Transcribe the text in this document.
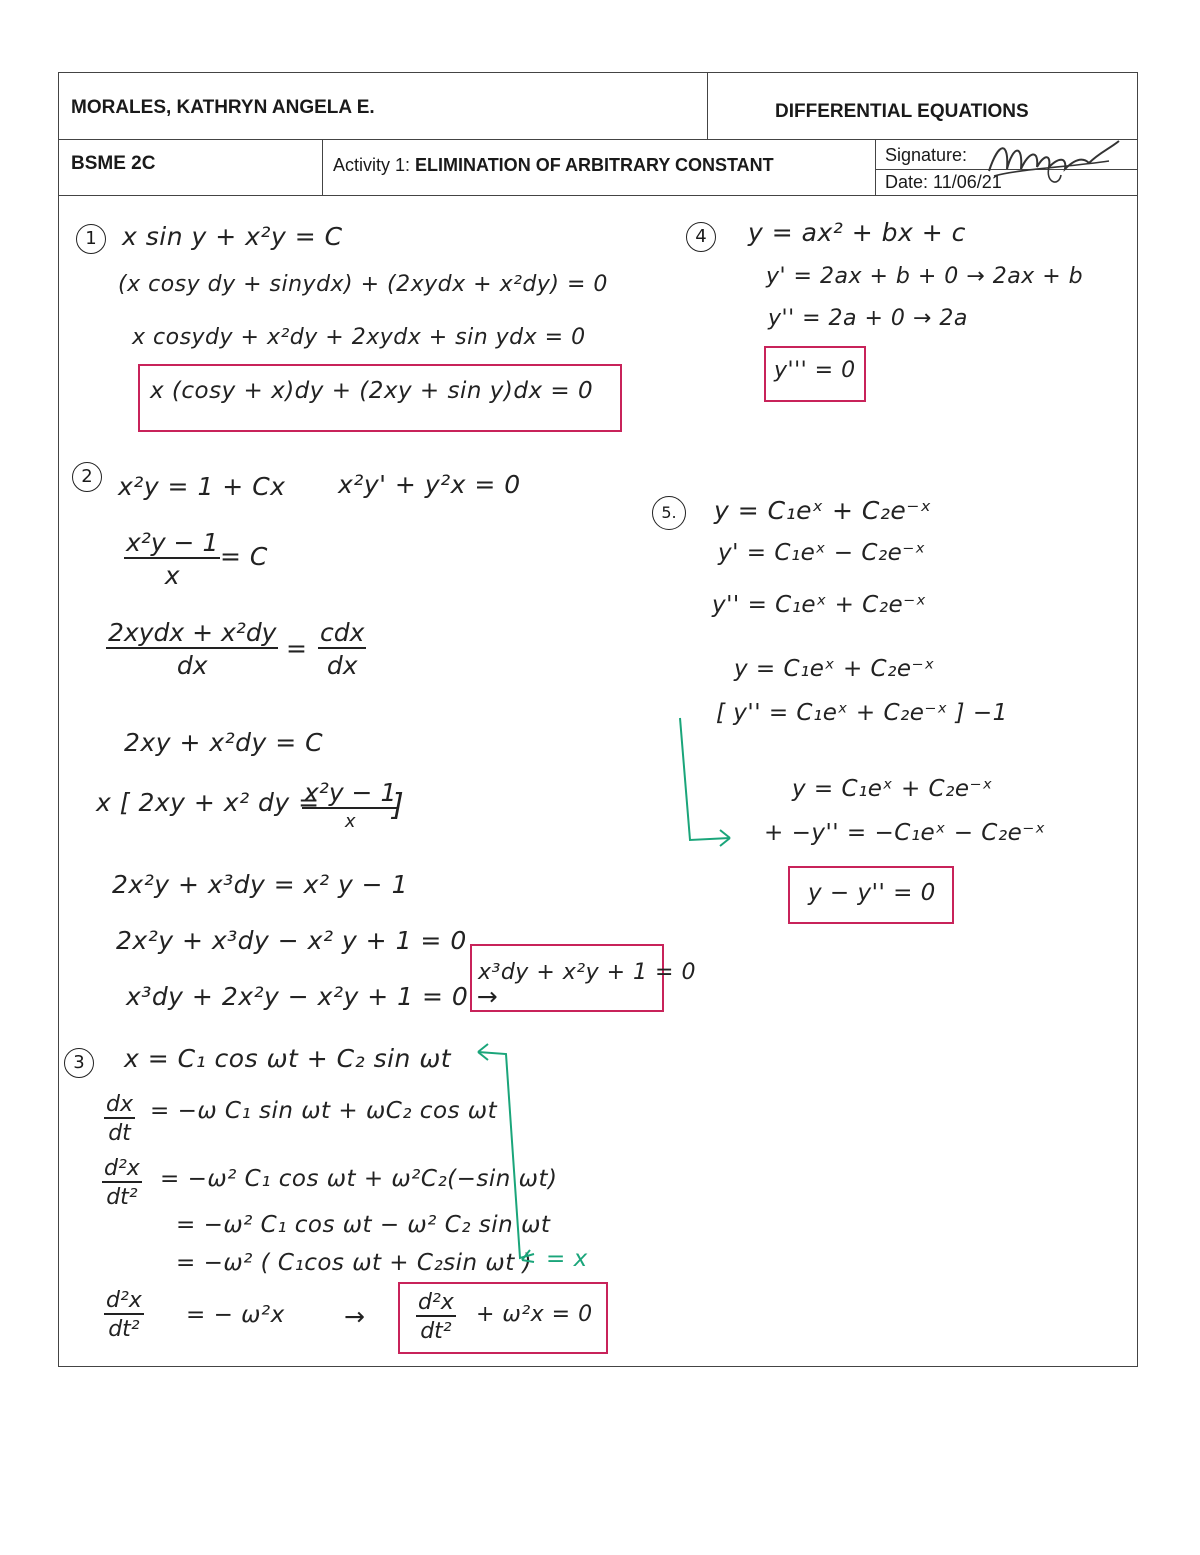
MORALES, KATHRYN ANGELA E.	DIFFERENTIAL EQUATIONS
BSME 2C	Activity 1: ELIMINATION OF ARBITRARY CONSTANT	Signature:
Date: 11/06/21
1	x sin y + x²y = C
(x cosy dy + sinydx) + (2xydx + x²dy) = 0
x cosydy + x²dy + 2xydx + sin ydx = 0
x (cosy + x)dy + (2xy + sin y)dx = 0
2	x²y = 1 + Cx x²y' + y²x = 0
$\frac{\text{x²y − 1}}{x} = C$
2xydx + x²dy
dx
=
cdx
dx
2xy + x²dy = C
x [ 2xy + x² dy =
x²y − 1
x	]
2x²y + x³dy = x² y − 1
2x²y + x³dy − x² y + 1 = 0
x³dy + 2x²y − x²y + 1 = 0 →
x³dy + x²y + 1 = 0
3	x = C₁ cos ωt + C₂ sin ωt
$\frac{dx}{dt} = -\omega$ C₁ sin ωt + ωC₂ cos ωt
$\frac{\text{d²x}}{\text{dt²}} = -\omega^2$ C₁ cos ωt + ω²C₂(−sin ωt)
= −ω² C₁ cos ωt − ω² C₂ sin ωt
= −ω² ( C₁cos ωt + C₂sin ωt ) = x
$\frac{\text{d²x}}{\text{dt²}}$ = − $\omega^2x \to \frac{\text{d²x}}{\text{dt²}} + \omega^2x = 0$
4	y = ax² + bx + c
y' = 2ax + b + 0 → 2ax + b
y'' = 2a + 0 → 2a
y''' = 0
5.	y = C₁eˣ + C₂e⁻ˣ
y' = C₁eˣ − C₂e⁻ˣ
y'' = C₁eˣ + C₂e⁻ˣ
y = C₁eˣ + C₂e⁻ˣ
[ y'' = C₁eˣ + C₂e⁻ˣ ] −1
y = C₁eˣ + C₂e⁻ˣ
+ −y'' = −C₁eˣ − C₂e⁻ˣ
y − y'' = 0
